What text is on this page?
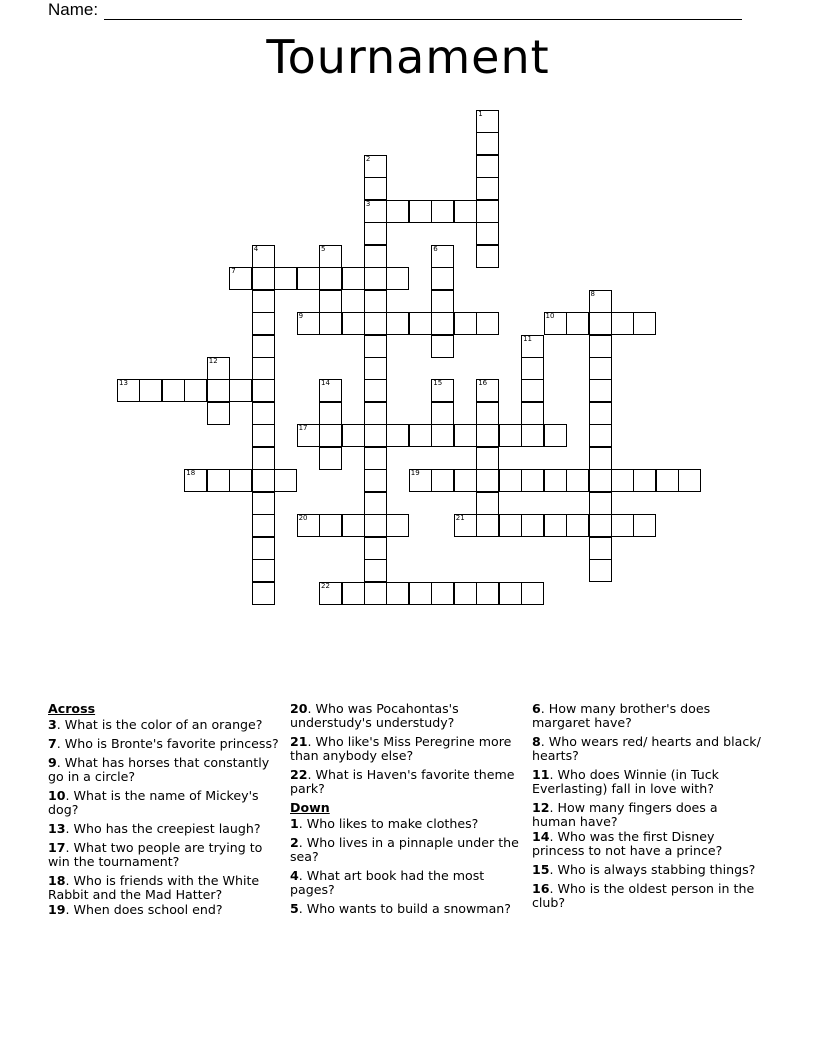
Name:
Tournament
3
7
9	10
13
17
18	19
20	21
22
1
2
4	5	6
8
11
12
14	15	16
Across
3. What is the color of an orange?
7. Who is Bronte's favorite princess?
9. What has horses that constantly go in a circle?
10. What is the name of Mickey's dog?
13. Who has the creepiest laugh?
17. What two people are trying to win the tournament?
18. Who is friends with the White Rabbit and the Mad Hatter?
19. When does school end?
20. Who was Pocahontas's understudy's understudy?
21. Who like's Miss Peregrine more than anybody else?
22. What is Haven's favorite theme park?
Down
1. Who likes to make clothes?
2. Who lives in a pinnaple under the sea?
4. What art book had the most pages?
5. Who wants to build a snowman?
6. How many brother's does margaret have?
8. Who wears red/ hearts and black/ hearts?
11. Who does Winnie (in Tuck Everlasting) fall in love with?
12. How many fingers does a human have?
14. Who was the first Disney princess to not have a prince?
15. Who is always stabbing things?
16. Who is the oldest person in the club?
